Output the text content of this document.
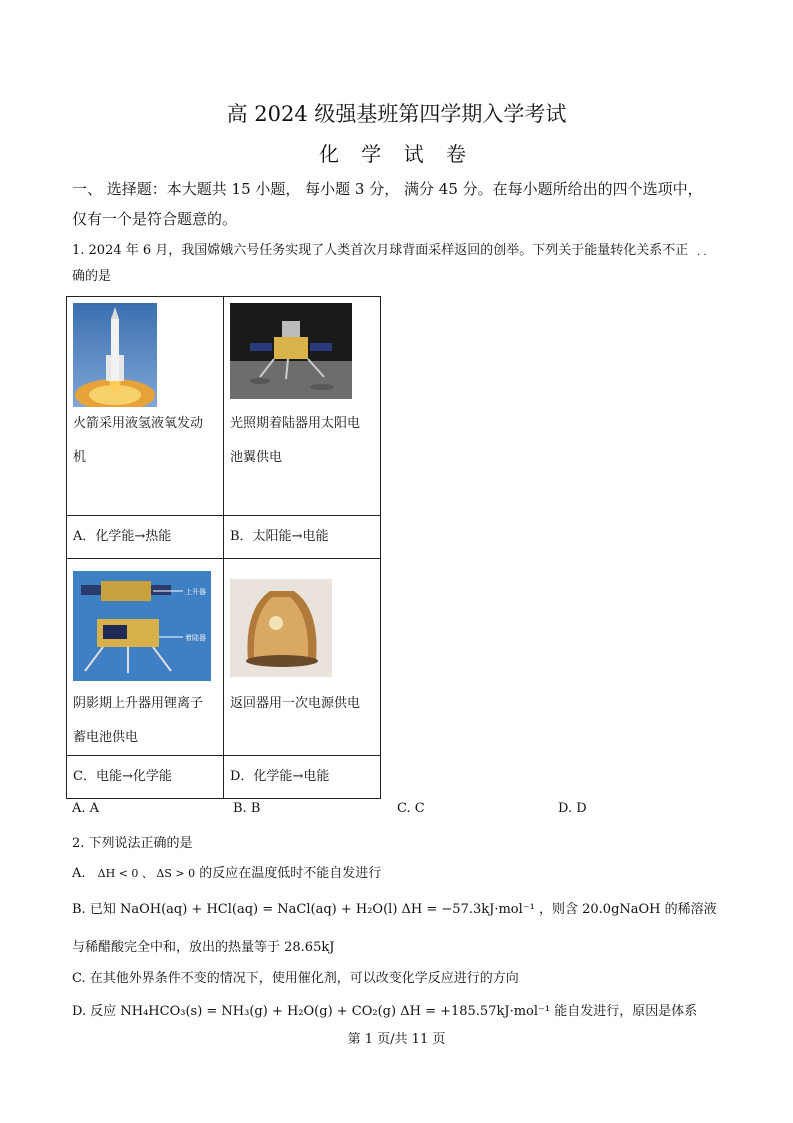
高 2024 级强基班第四学期入学考试
化 学 试 卷
一、 选择题：本大题共 15 小题， 每小题 3 分， 满分 45 分。在每小题所给出的四个选项中，
仅有一个是符合题意的。
1. 2024 年 6 月，我国嫦娥六号任务实现了人类首次月球背面采样返回的创举。下列关于能量转化关系不正 · ·
确的是
火箭采用液氢液氧发动机	光照期着陆器用太阳电池翼供电

A．化学能→热能	B．太阳能→电能

上升器
着陆器
阴影期上升器用锂离子蓄电池供电	返回器用一次电源供电

C．电能→化学能	D．化学能→电能
A. A	B. B	C. C	D. D
2. 下列说法正确的是
A. ΔH < 0 、 ΔS > 0 的反应在温度低时不能自发进行
B. 已知 NaOH(aq) + HCl(aq) = NaCl(aq) + H₂O(l) ΔH = −57.3kJ·mol⁻¹ ，则含 20.0gNaOH 的稀溶液
与稀醋酸完全中和，放出的热量等于 28.65kJ
C. 在其他外界条件不变的情况下，使用催化剂，可以改变化学反应进行的方向
D. 反应 NH₄HCO₃(s) = NH₃(g) + H₂O(g) + CO₂(g) ΔH = +185.57kJ·mol⁻¹ 能自发进行，原因是体系
第 1 页/共 11 页
